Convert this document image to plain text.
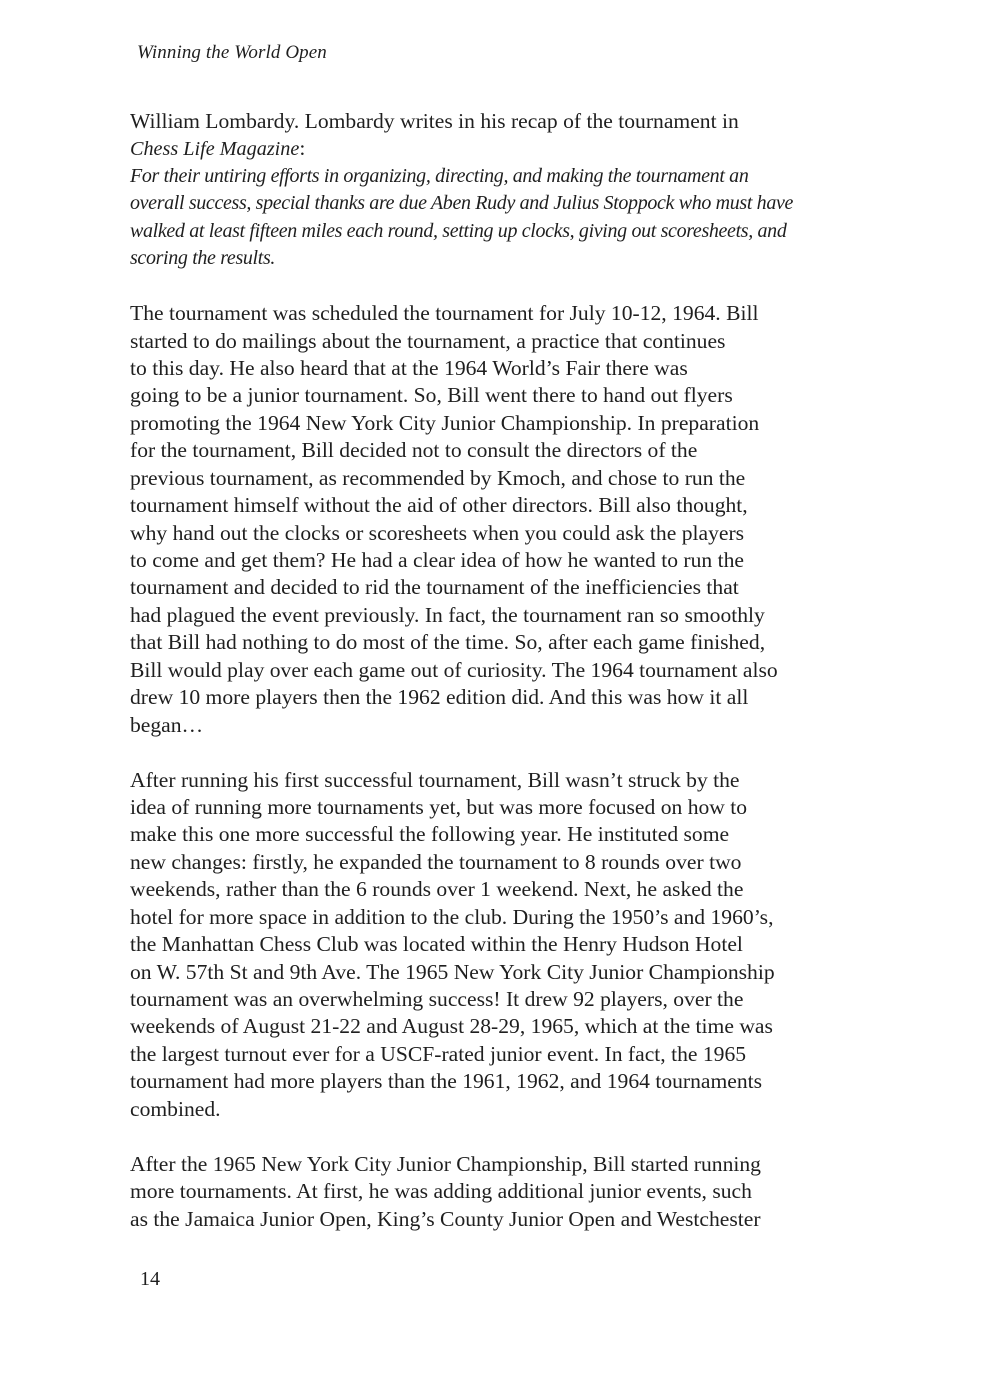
Winning the World Open
William Lombardy. Lombardy writes in his recap of the tournament in
Chess Life Magazine:
For their untiring efforts in organizing, directing, and making the tournament an
overall success, special thanks are due Aben Rudy and Julius Stoppock who must have
walked at least fifteen miles each round, setting up clocks, giving out scoresheets, and
scoring the results.
The tournament was scheduled the tournament for July 10-12, 1964. Bill
started to do mailings about the tournament, a practice that continues
to this day. He also heard that at the 1964 World’s Fair there was
going to be a junior tournament. So, Bill went there to hand out flyers
promoting the 1964 New York City Junior Championship. In preparation
for the tournament, Bill decided not to consult the directors of the
previous tournament, as recommended by Kmoch, and chose to run the
tournament himself without the aid of other directors. Bill also thought,
why hand out the clocks or scoresheets when you could ask the players
to come and get them? He had a clear idea of how he wanted to run the
tournament and decided to rid the tournament of the inefficiencies that
had plagued the event previously. In fact, the tournament ran so smoothly
that Bill had nothing to do most of the time. So, after each game finished,
Bill would play over each game out of curiosity. The 1964 tournament also
drew 10 more players then the 1962 edition did. And this was how it all
began…
After running his first successful tournament, Bill wasn’t struck by the
idea of running more tournaments yet, but was more focused on how to
make this one more successful the following year. He instituted some
new changes: firstly, he expanded the tournament to 8 rounds over two
weekends, rather than the 6 rounds over 1 weekend. Next, he asked the
hotel for more space in addition to the club. During the 1950’s and 1960’s,
the Manhattan Chess Club was located within the Henry Hudson Hotel
on W. 57th St and 9th Ave. The 1965 New York City Junior Championship
tournament was an overwhelming success! It drew 92 players, over the
weekends of August 21-22 and August 28-29, 1965, which at the time was
the largest turnout ever for a USCF-rated junior event. In fact, the 1965
tournament had more players than the 1961, 1962, and 1964 tournaments
combined.
After the 1965 New York City Junior Championship, Bill started running
more tournaments. At first, he was adding additional junior events, such
as the Jamaica Junior Open, King’s County Junior Open and Westchester
14
